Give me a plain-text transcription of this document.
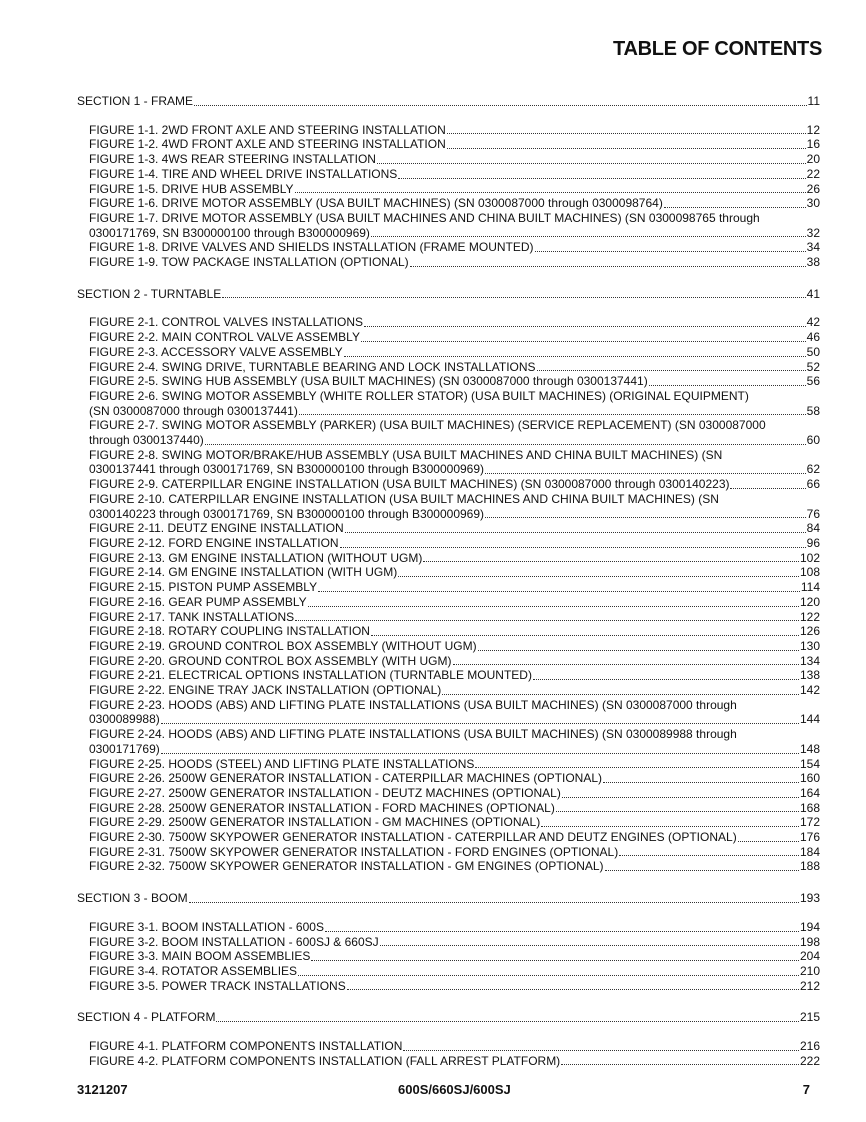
TABLE OF CONTENTS
SECTION 1 - FRAME	11
FIGURE 1-1. 2WD FRONT AXLE AND STEERING INSTALLATION	12
FIGURE 1-2. 4WD FRONT AXLE AND STEERING INSTALLATION	16
FIGURE 1-3. 4WS REAR STEERING INSTALLATION	20
FIGURE 1-4. TIRE AND WHEEL DRIVE INSTALLATIONS	22
FIGURE 1-5. DRIVE HUB ASSEMBLY	26
FIGURE 1-6. DRIVE MOTOR ASSEMBLY (USA BUILT MACHINES) (SN 0300087000 through 0300098764)	30
FIGURE 1-7. DRIVE MOTOR ASSEMBLY (USA BUILT MACHINES AND CHINA BUILT MACHINES) (SN 0300098765 through
0300171769, SN B300000100 through B300000969)	32
FIGURE 1-8. DRIVE VALVES AND SHIELDS INSTALLATION (FRAME MOUNTED)	34
FIGURE 1-9. TOW PACKAGE INSTALLATION (OPTIONAL)	38
SECTION 2 - TURNTABLE	41
FIGURE 2-1. CONTROL VALVES INSTALLATIONS	42
FIGURE 2-2. MAIN CONTROL VALVE ASSEMBLY	46
FIGURE 2-3. ACCESSORY VALVE ASSEMBLY	50
FIGURE 2-4. SWING DRIVE, TURNTABLE BEARING AND LOCK INSTALLATIONS	52
FIGURE 2-5. SWING HUB ASSEMBLY (USA BUILT MACHINES) (SN 0300087000 through 0300137441)	56
FIGURE 2-6. SWING MOTOR ASSEMBLY (WHITE ROLLER STATOR) (USA BUILT MACHINES) (ORIGINAL EQUIPMENT)
(SN 0300087000 through 0300137441)	58
FIGURE 2-7. SWING MOTOR ASSEMBLY (PARKER) (USA BUILT MACHINES) (SERVICE REPLACEMENT) (SN 0300087000
through 0300137440)	60
FIGURE 2-8. SWING MOTOR/BRAKE/HUB ASSEMBLY (USA BUILT MACHINES AND CHINA BUILT MACHINES) (SN
0300137441 through 0300171769, SN B300000100 through B300000969)	62
FIGURE 2-9. CATERPILLAR ENGINE INSTALLATION (USA BUILT MACHINES) (SN 0300087000 through 0300140223)	66
FIGURE 2-10. CATERPILLAR ENGINE INSTALLATION (USA BUILT MACHINES AND CHINA BUILT MACHINES) (SN
0300140223 through 0300171769, SN B300000100 through B300000969)	76
FIGURE 2-11. DEUTZ ENGINE INSTALLATION	84
FIGURE 2-12. FORD ENGINE INSTALLATION	96
FIGURE 2-13. GM ENGINE INSTALLATION (WITHOUT UGM)	102
FIGURE 2-14. GM ENGINE INSTALLATION (WITH UGM)	108
FIGURE 2-15. PISTON PUMP ASSEMBLY	114
FIGURE 2-16. GEAR PUMP ASSEMBLY	120
FIGURE 2-17. TANK INSTALLATIONS	122
FIGURE 2-18. ROTARY COUPLING INSTALLATION	126
FIGURE 2-19. GROUND CONTROL BOX ASSEMBLY (WITHOUT UGM)	130
FIGURE 2-20. GROUND CONTROL BOX ASSEMBLY (WITH UGM)	134
FIGURE 2-21. ELECTRICAL OPTIONS INSTALLATION (TURNTABLE MOUNTED)	138
FIGURE 2-22. ENGINE TRAY JACK INSTALLATION (OPTIONAL)	142
FIGURE 2-23. HOODS (ABS) AND LIFTING PLATE INSTALLATIONS (USA BUILT MACHINES) (SN 0300087000 through
0300089988)	144
FIGURE 2-24. HOODS (ABS) AND LIFTING PLATE INSTALLATIONS (USA BUILT MACHINES) (SN 0300089988 through
0300171769)	148
FIGURE 2-25. HOODS (STEEL) AND LIFTING PLATE INSTALLATIONS	154
FIGURE 2-26. 2500W GENERATOR INSTALLATION - CATERPILLAR MACHINES (OPTIONAL)	160
FIGURE 2-27. 2500W GENERATOR INSTALLATION - DEUTZ MACHINES (OPTIONAL)	164
FIGURE 2-28. 2500W GENERATOR INSTALLATION - FORD MACHINES (OPTIONAL)	168
FIGURE 2-29. 2500W GENERATOR INSTALLATION - GM MACHINES (OPTIONAL)	172
FIGURE 2-30. 7500W SKYPOWER GENERATOR INSTALLATION - CATERPILLAR AND DEUTZ ENGINES (OPTIONAL)	176
FIGURE 2-31. 7500W SKYPOWER GENERATOR INSTALLATION - FORD ENGINES (OPTIONAL)	184
FIGURE 2-32. 7500W SKYPOWER GENERATOR INSTALLATION - GM ENGINES (OPTIONAL)	188
SECTION 3 - BOOM	193
FIGURE 3-1. BOOM INSTALLATION - 600S	194
FIGURE 3-2. BOOM INSTALLATION - 600SJ & 660SJ	198
FIGURE 3-3. MAIN BOOM ASSEMBLIES	204
FIGURE 3-4. ROTATOR ASSEMBLIES	210
FIGURE 3-5. POWER TRACK INSTALLATIONS	212
SECTION 4 - PLATFORM	215
FIGURE 4-1. PLATFORM COMPONENTS INSTALLATION	216
FIGURE 4-2. PLATFORM COMPONENTS INSTALLATION (FALL ARREST PLATFORM)	222
3121207	600S/660SJ/600SJ	7
